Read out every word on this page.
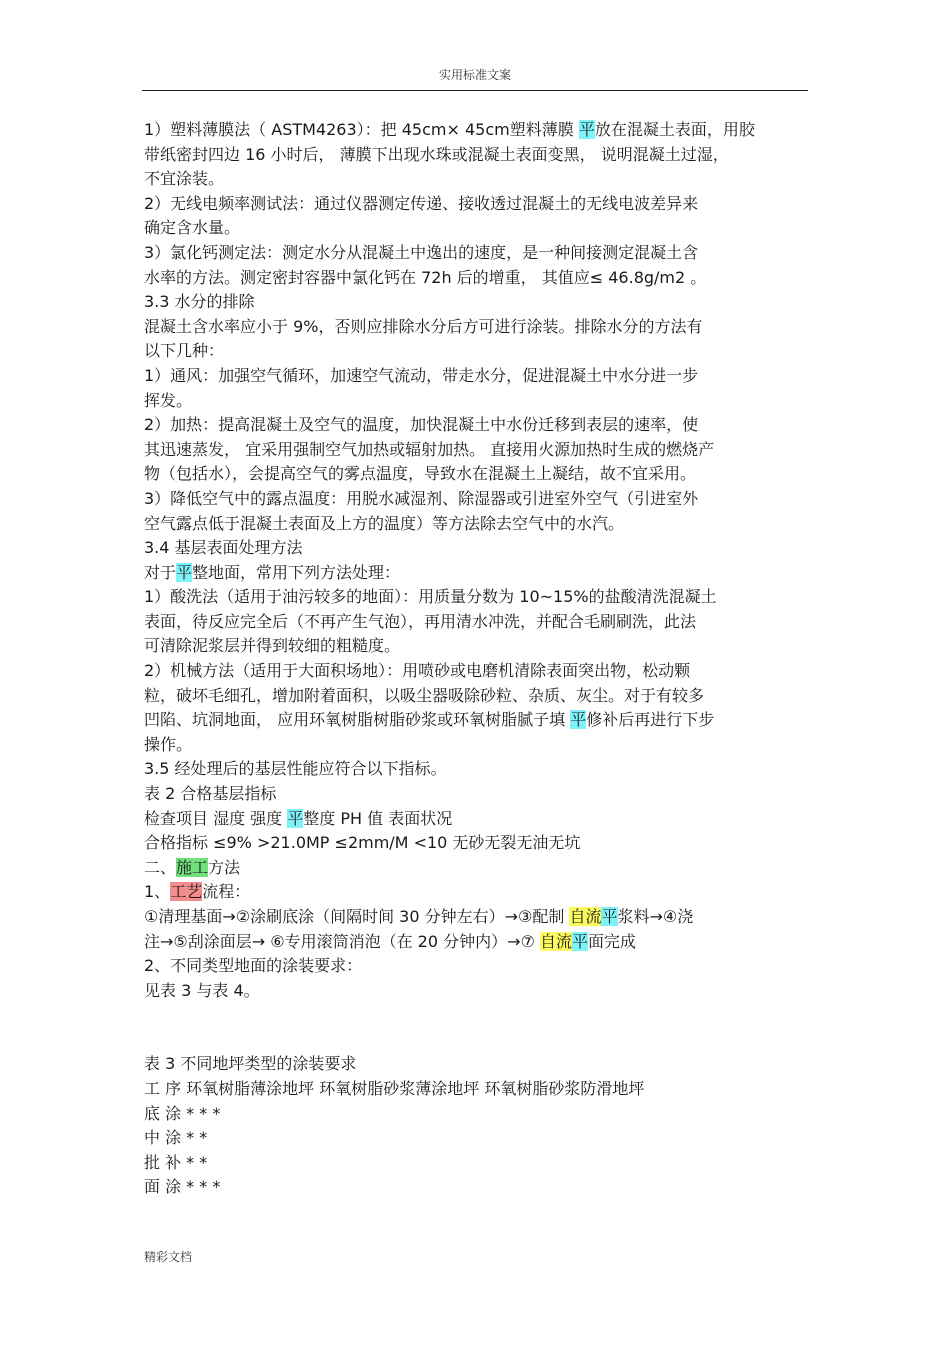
实用标准文案
1）塑料薄膜法（ ASTM4263）：把 45cm× 45cm塑料薄膜 平放在混凝土表面，用胶
带纸密封四边 16 小时后， 薄膜下出现水珠或混凝土表面变黑， 说明混凝土过湿，
不宜涂装。
2）无线电频率测试法：通过仪器测定传递、接收透过混凝土的无线电波差异来
确定含水量。
3）氯化钙测定法：测定水分从混凝土中逸出的速度，是一种间接测定混凝土含
水率的方法。测定密封容器中氯化钙在 72h 后的增重， 其值应≤ 46.8g/m2 。
3.3 水分的排除
混凝土含水率应小于 9%，否则应排除水分后方可进行涂装。排除水分的方法有
以下几种：
1）通风：加强空气循环，加速空气流动，带走水分，促进混凝土中水分进一步
挥发。
2）加热：提高混凝土及空气的温度，加快混凝土中水份迁移到表层的速率，使
其迅速蒸发， 宜采用强制空气加热或辐射加热。 直接用火源加热时生成的燃烧产
物（包括水），会提高空气的雾点温度，导致水在混凝土上凝结，故不宜采用。
3）降低空气中的露点温度：用脱水减湿剂、除湿器或引进室外空气（引进室外
空气露点低于混凝土表面及上方的温度）等方法除去空气中的水汽。
3.4 基层表面处理方法
对于平整地面，常用下列方法处理：
1）酸洗法（适用于油污较多的地面）：用质量分数为 10~15%的盐酸清洗混凝土
表面，待反应完全后（不再产生气泡），再用清水冲洗，并配合毛刷刷洗，此法
可清除泥浆层并得到较细的粗糙度。
2）机械方法（适用于大面积场地）：用喷砂或电磨机清除表面突出物，松动颗
粒，破坏毛细孔，增加附着面积，以吸尘器吸除砂粒、杂质、灰尘。对于有较多
凹陷、坑洞地面， 应用环氧树脂树脂砂浆或环氧树脂腻子填 平修补后再进行下步
操作。
3.5 经处理后的基层性能应符合以下指标。
表 2 合格基层指标
检查项目 湿度 强度 平整度 PH 值 表面状况
合格指标 ≤9% >21.0MP ≤2mm/M <10 无砂无裂无油无坑
二、施工方法
1、工艺流程：
①清理基面→②涂刷底涂（间隔时间 30 分钟左右）→③配制 自流平浆料→④浇
注→⑤刮涂面层→ ⑥专用滚筒消泡（在 20 分钟内）→⑦ 自流平面完成
2、不同类型地面的涂装要求：
见表 3 与表 4。
表 3 不同地坪类型的涂装要求
工 序 环氧树脂薄涂地坪 环氧树脂砂浆薄涂地坪 环氧树脂砂浆防滑地坪
底 涂 * * *
中 涂 * *
批 补 * *
面 涂 * * *
精彩文档
